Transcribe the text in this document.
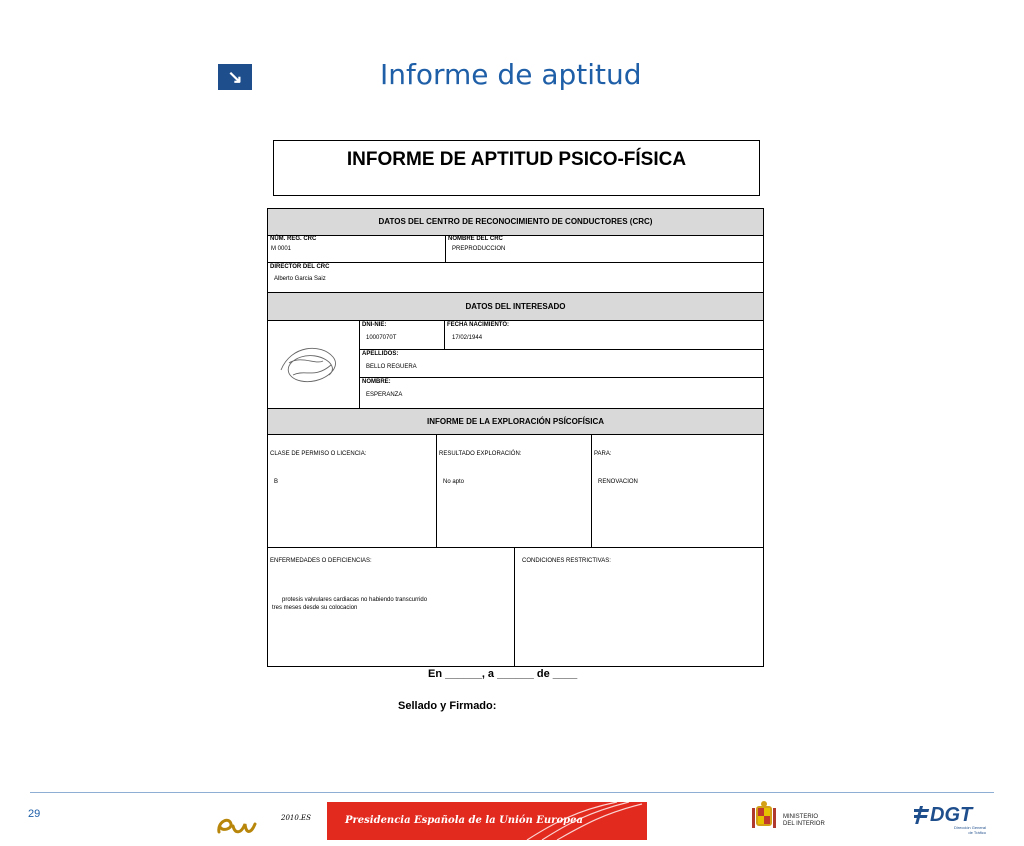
↘	Informe de aptitud
INFORME DE APTITUD PSICO-FÍSICA
DATOS DEL CENTRO DE RECONOCIMIENTO DE CONDUCTORES (CRC)
NÚM. REG. CRC
M 0001
NOMBRE DEL CRC
PREPRODUCCION
DIRECTOR DEL CRC
Alberto Garcia Saiz
DATOS DEL INTERESADO
DNI-NIE:
10007070T
FECHA NACIMIENTO:
17/02/1944
APELLIDOS:
BELLO REGUERA
NOMBRE:
ESPERANZA
INFORME DE LA EXPLORACIÓN PSÍCOFÍSICA
CLASE DE PERMISO O LICENCIA:
B
RESULTADO EXPLORACIÓN:
No apto
PARA:
RENOVACION
ENFERMEDADES O DEFICIENCIAS:
protesis valvulares cardiacas no habiendo transcurrido
tres meses desde su colocacion
CONDICIONES RESTRICTIVAS:
En ______, a ______ de ____
Sellado y Firmado:
29	2010.ES	Presidencia Española de la Unión Europea	MINISTERIO
DEL INTERIOR	DGT
Dirección General
de Tráfico
